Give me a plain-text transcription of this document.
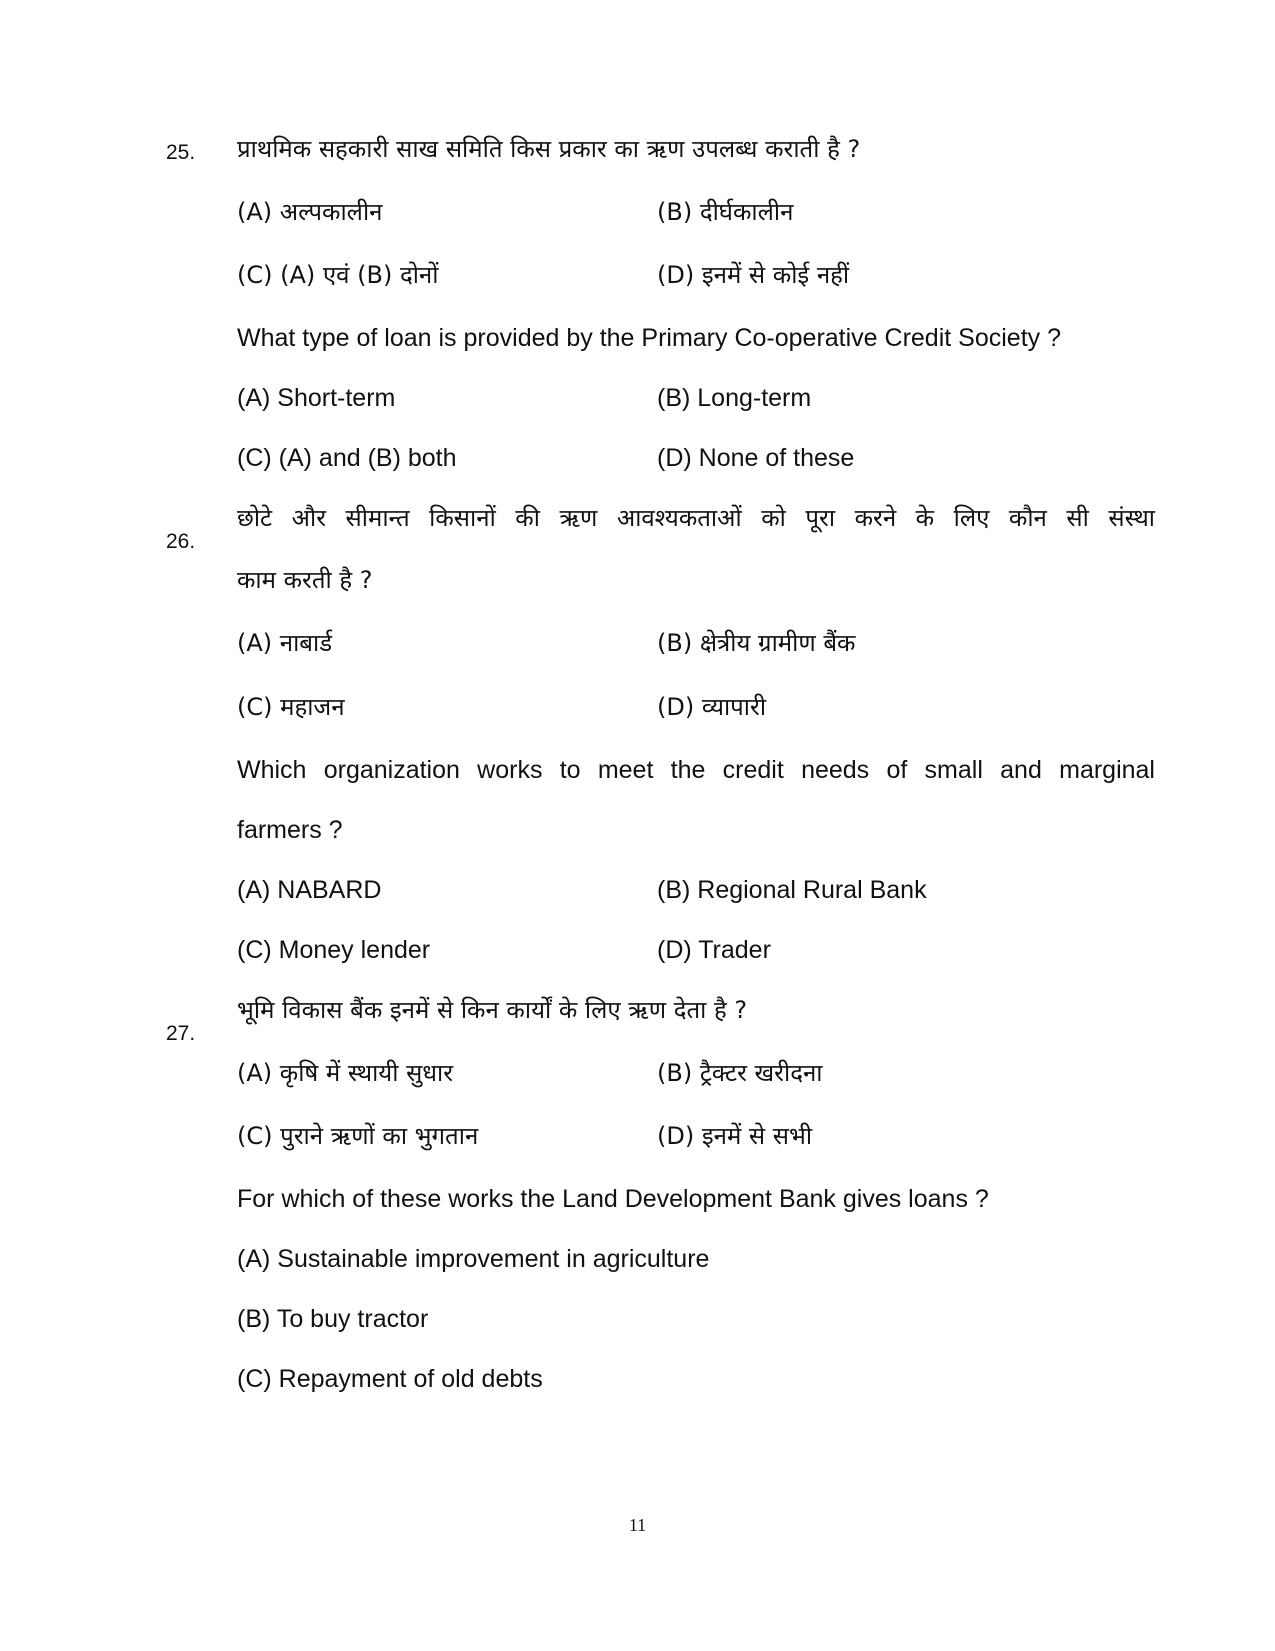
25. प्राथमिक सहकारी साख समिति किस प्रकार का ऋण उपलब्ध कराती है ?
(A) अल्पकालीन	(B) दीर्घकालीन
(C) (A) एवं (B) दोनों	(D) इनमें से कोई नहीं
What type of loan is provided by the Primary Co-operative Credit Society ?
(A) Short-term	(B) Long-term
(C) (A) and (B) both	(D) None of these
26.
छोटे और सीमान्त किसानों की ऋण आवश्यकताओं को पूरा करने के लिए कौन सी संस्था
काम करती है ?
(A) नाबार्ड	(B) क्षेत्रीय ग्रामीण बैंक
(C) महाजन	(D) व्यापारी
Which organization works to meet the credit needs of small and marginal
farmers ?
(A) NABARD	(B) Regional Rural Bank
(C) Money lender	(D) Trader
27.
भूमि विकास बैंक इनमें से किन कार्यों के लिए ऋण देता है ?
(A) कृषि में स्थायी सुधार	(B) ट्रैक्टर खरीदना
(C) पुराने ऋणों का भुगतान	(D) इनमें से सभी
For which of these works the Land Development Bank gives loans ?
(A) Sustainable improvement in agriculture
(B) To buy tractor
(C) Repayment of old debts
11
